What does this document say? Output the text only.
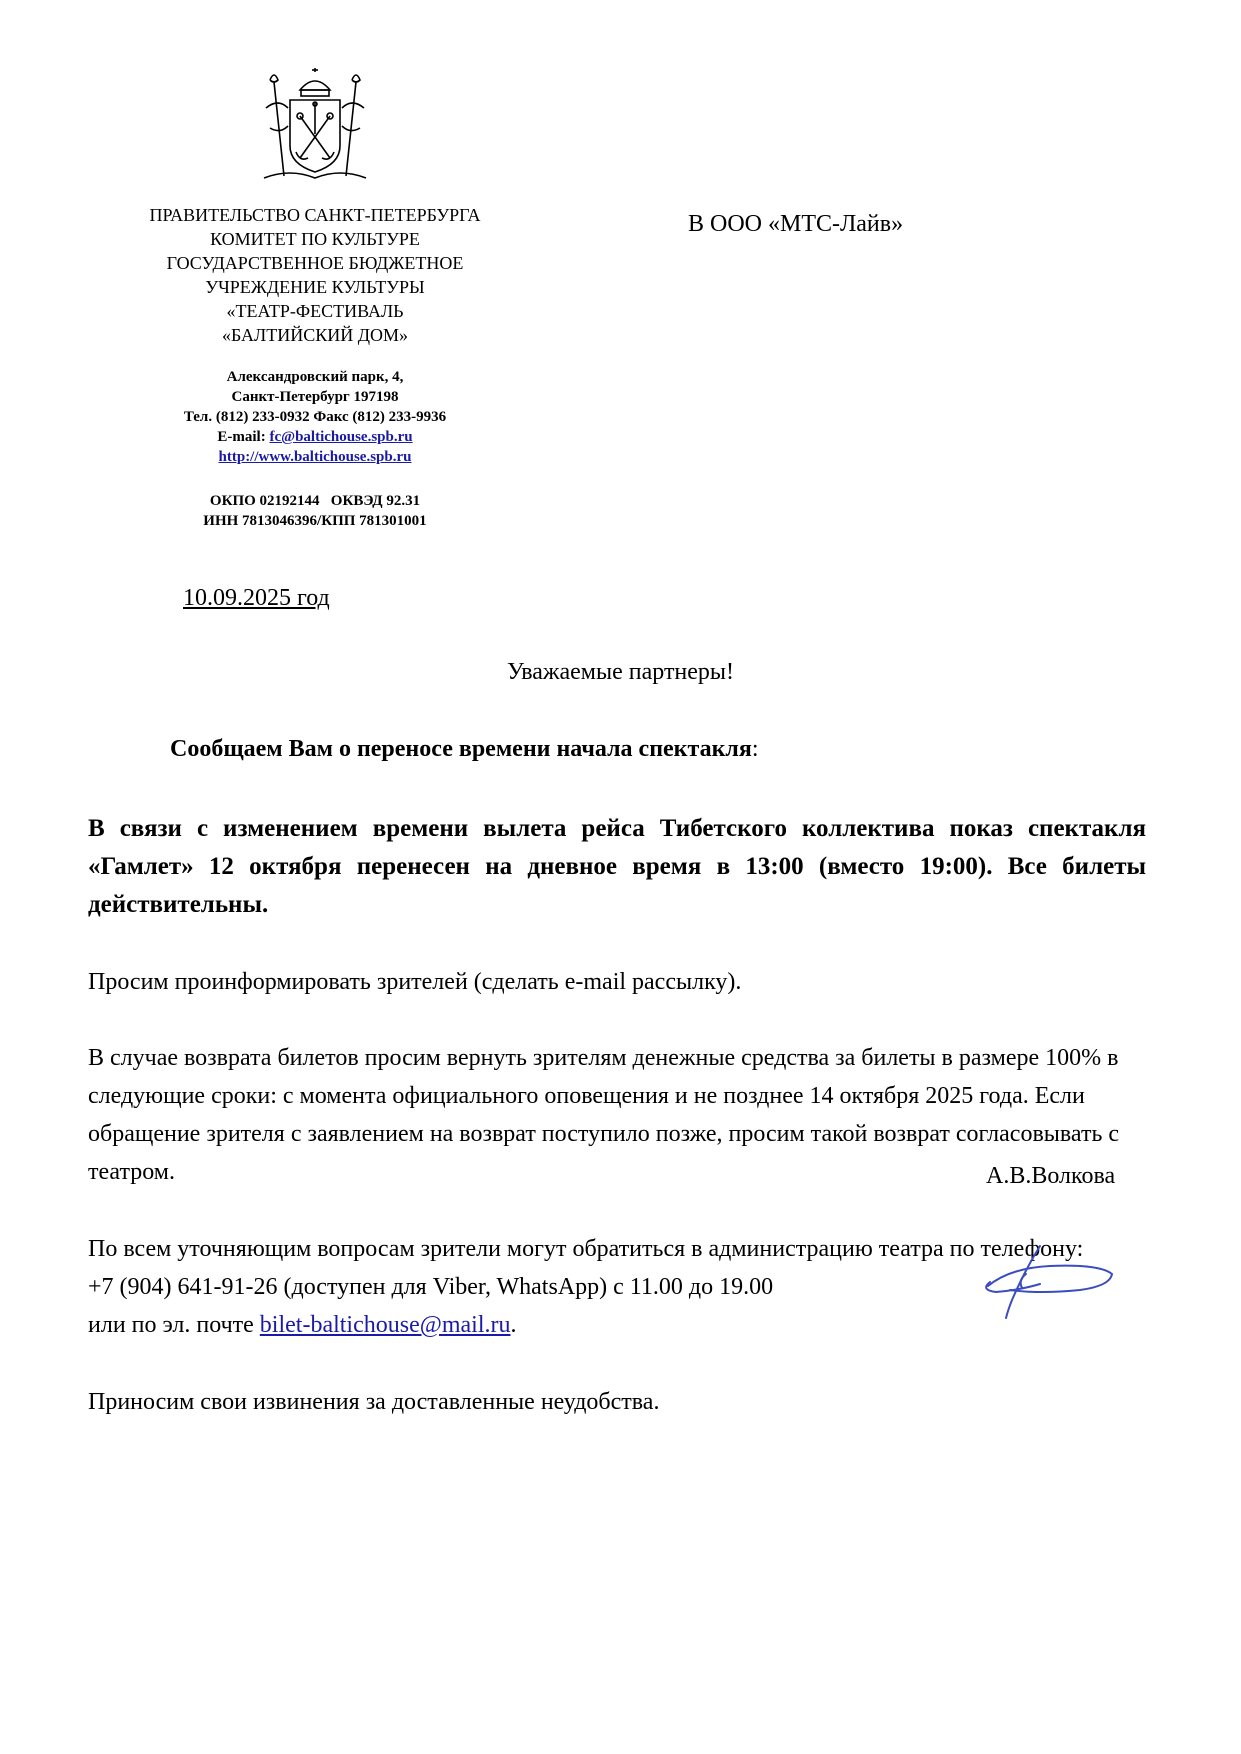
ПРАВИТЕЛЬСТВО САНКТ-ПЕТЕРБУРГА
КОМИТЕТ ПО КУЛЬТУРЕ
ГОСУДАРСТВЕННОЕ БЮДЖЕТНОЕ
УЧРЕЖДЕНИЕ КУЛЬТУРЫ
«ТЕАТР-ФЕСТИВАЛЬ
«БАЛТИЙСКИЙ ДОМ»
Александровский парк, 4,
Санкт-Петербург 197198
Тел. (812) 233-0932 Факс (812) 233-9936
E-mail: fc@baltichouse.spb.ru
http://www.baltichouse.spb.ru
ОКПО 02192144   ОКВЭД 92.31
ИНН 7813046396/КПП 781301001
В ООО «МТС-Лайв»
10.09.2025 год
Уважаемые партнеры!
Сообщаем Вам о переносе времени начала спектакля:
В связи с изменением времени вылета рейса Тибетского коллектива показ спектакля «Гамлет» 12 октября перенесен на дневное время в 13:00 (вместо 19:00). Все билеты действительны.
Просим проинформировать зрителей (сделать e-mail рассылку).
В случае возврата билетов просим вернуть зрителям денежные средства за билеты в размере 100% в следующие сроки: с момента официального оповещения и не позднее 14 октября 2025 года. Если обращение зрителя с заявлением на возврат поступило позже, просим такой возврат согласовывать с театром.
По всем уточняющим вопросам зрители могут обратиться в администрацию театра по телефону:
+7 (904) 641-91-26 (доступен для Viber, WhatsApp) с 11.00 до 19.00
или по эл. почте bilet-baltichouse@mail.ru.
Приносим свои извинения за доставленные неудобства.
А.В.Волкова
